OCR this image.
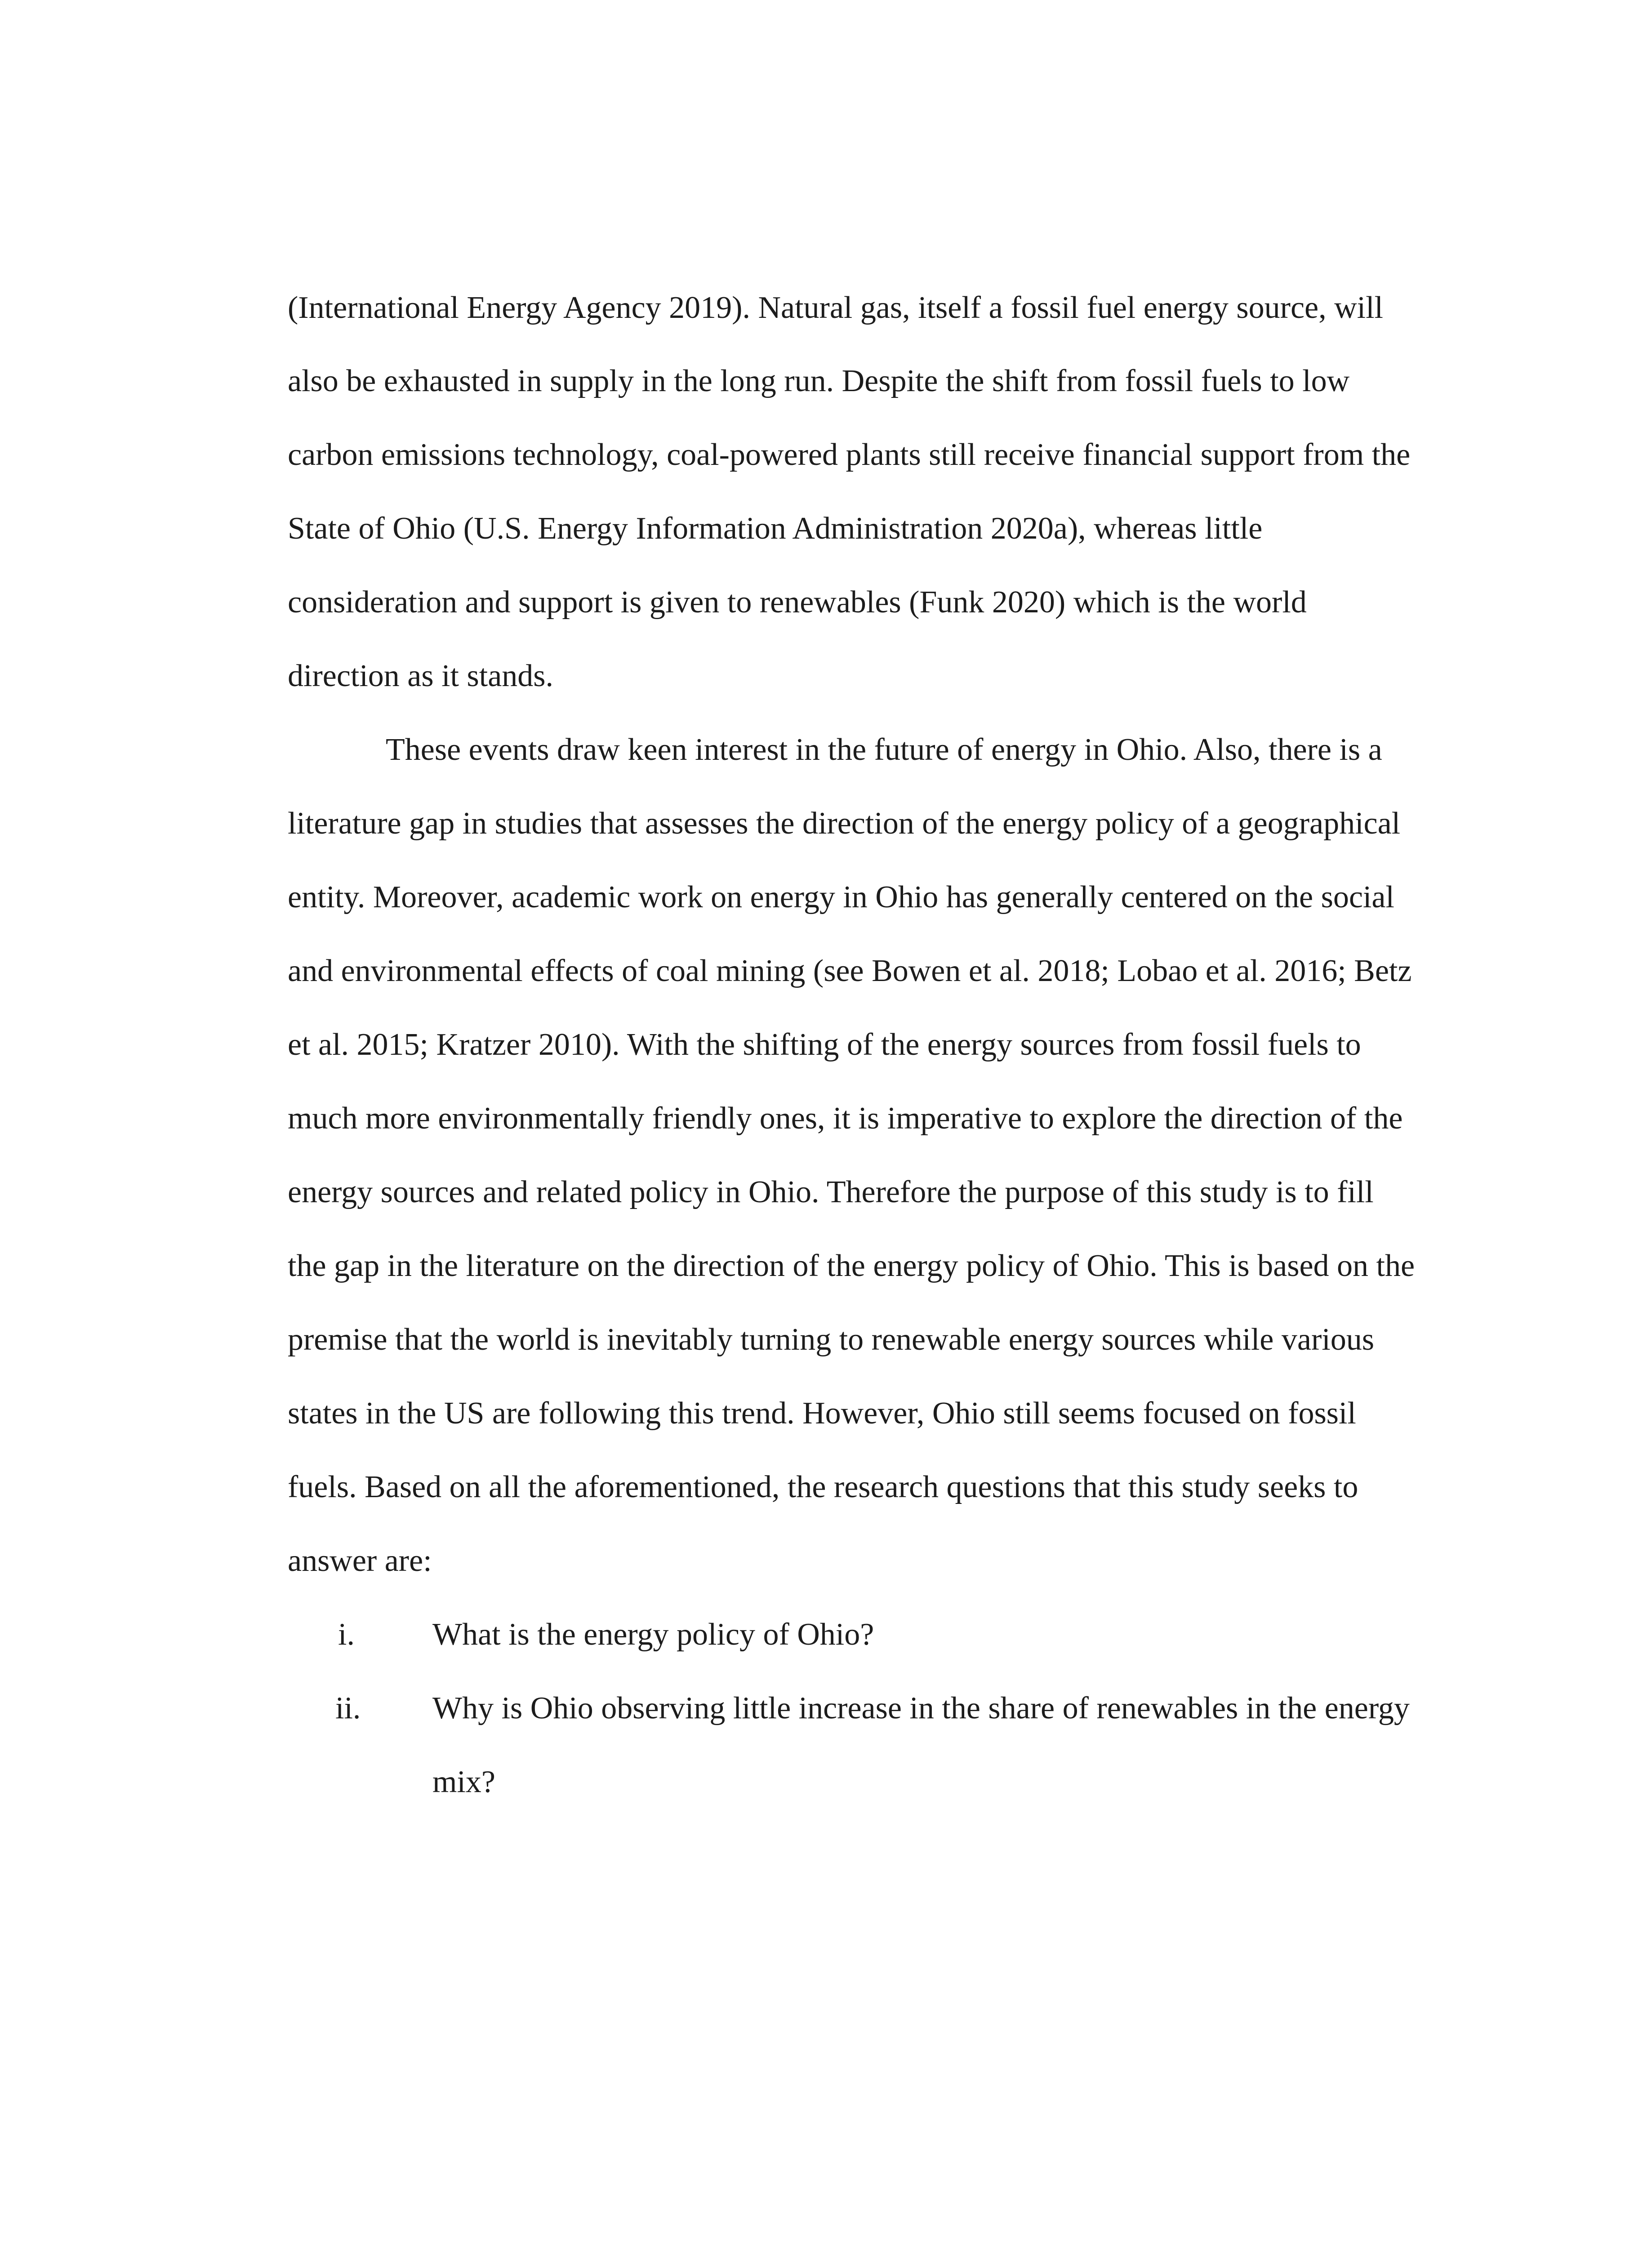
(International Energy Agency 2019). Natural gas, itself a fossil fuel energy source, will
also be exhausted in supply in the long run. Despite the shift from fossil fuels to low
carbon emissions technology, coal-powered plants still receive financial support from the
State of Ohio (U.S. Energy Information Administration 2020a), whereas little
consideration and support is given to renewables (Funk 2020) which is the world
direction as it stands.
These events draw keen interest in the future of energy in Ohio. Also, there is a
literature gap in studies that assesses the direction of the energy policy of a geographical
entity. Moreover, academic work on energy in Ohio has generally centered on the social
and environmental effects of coal mining (see Bowen et al. 2018; Lobao et al. 2016; Betz
et al. 2015; Kratzer 2010). With the shifting of the energy sources from fossil fuels to
much more environmentally friendly ones, it is imperative to explore the direction of the
energy sources and related policy in Ohio. Therefore the purpose of this study is to fill
the gap in the literature on the direction of the energy policy of Ohio. This is based on the
premise that the world is inevitably turning to renewable energy sources while various
states in the US are following this trend. However, Ohio still seems focused on fossil
fuels. Based on all the aforementioned, the research questions that this study seeks to
answer are:
i. What is the energy policy of Ohio?
ii. Why is Ohio observing little increase in the share of renewables in the energy
mix?
